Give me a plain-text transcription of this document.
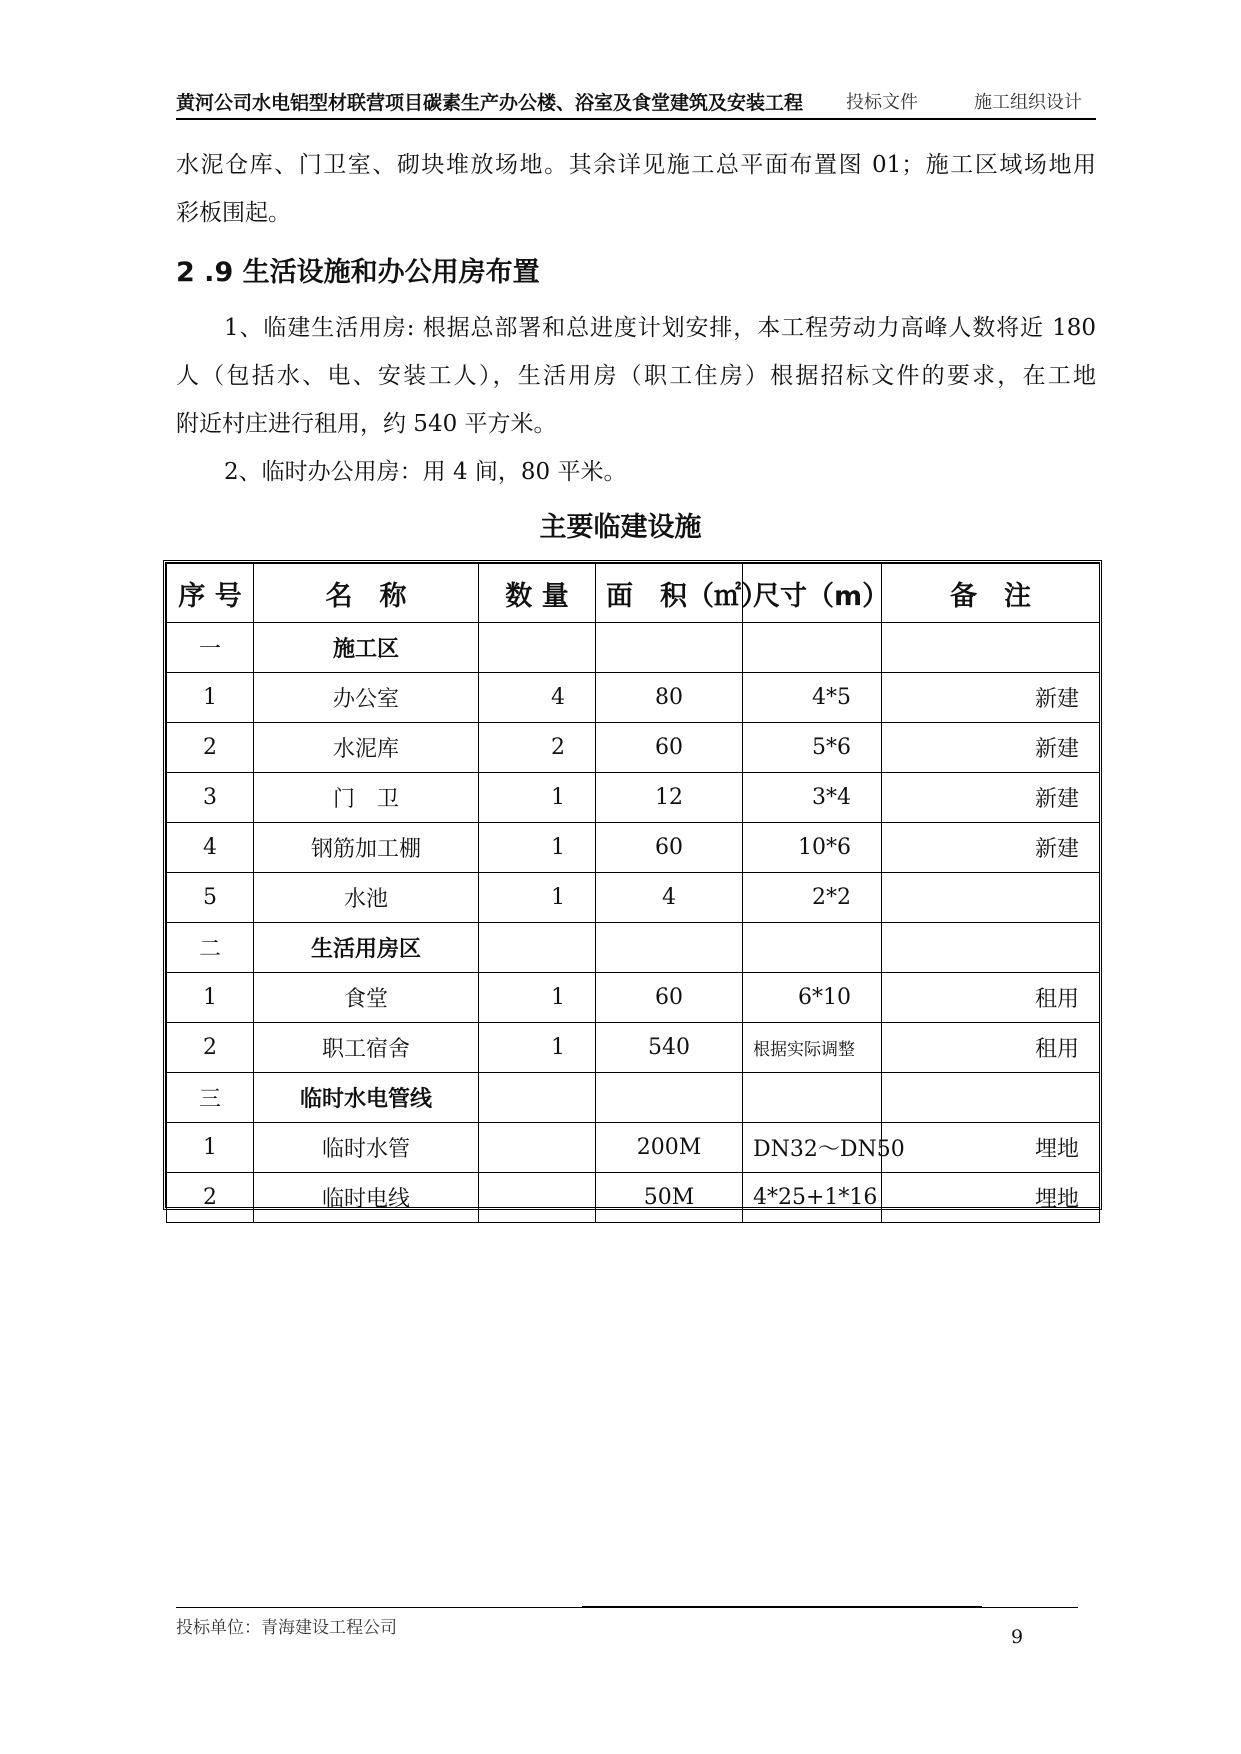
黄河公司水电铝型材联营项目碳素生产办公楼、浴室及食堂建筑及安装工程 投标文件	施工组织设计
水泥仓库、门卫室、砌块堆放场地。其余详见施工总平面布置图 01；施工区域场地用
彩板围起。
2 .9 生活设施和办公用房布置
1、临建生活用房: 根据总部署和总进度计划安排，本工程劳动力高峰人数将近 180
人（包括水、电、安装工人），生活用房（职工住房）根据招标文件的要求，在工地
附近村庄进行租用，约 540 平方米。
2、临时办公用房：用 4 间，80 平米。
主要临建设施
序 号	名　称	数 量	面　积（㎡）	尺寸（m）	备　注
一	施工区				
1	办公室	4	80	4*5	新建
2	水泥库	2	60	5*6	新建
3	门　卫	1	12	3*4	新建
4	钢筋加工棚	1	60	10*6	新建
5	水池	1	4	2*2	
二	生活用房区				
1	食堂	1	60	6*10	租用
2	职工宿舍	1	540	根据实际调整	租用
三	临时水电管线				
1	临时水管		200M	DN32～DN50	埋地
2	临时电线		50M	4*25+1*16	埋地
投标单位：青海建设工程公司	9
